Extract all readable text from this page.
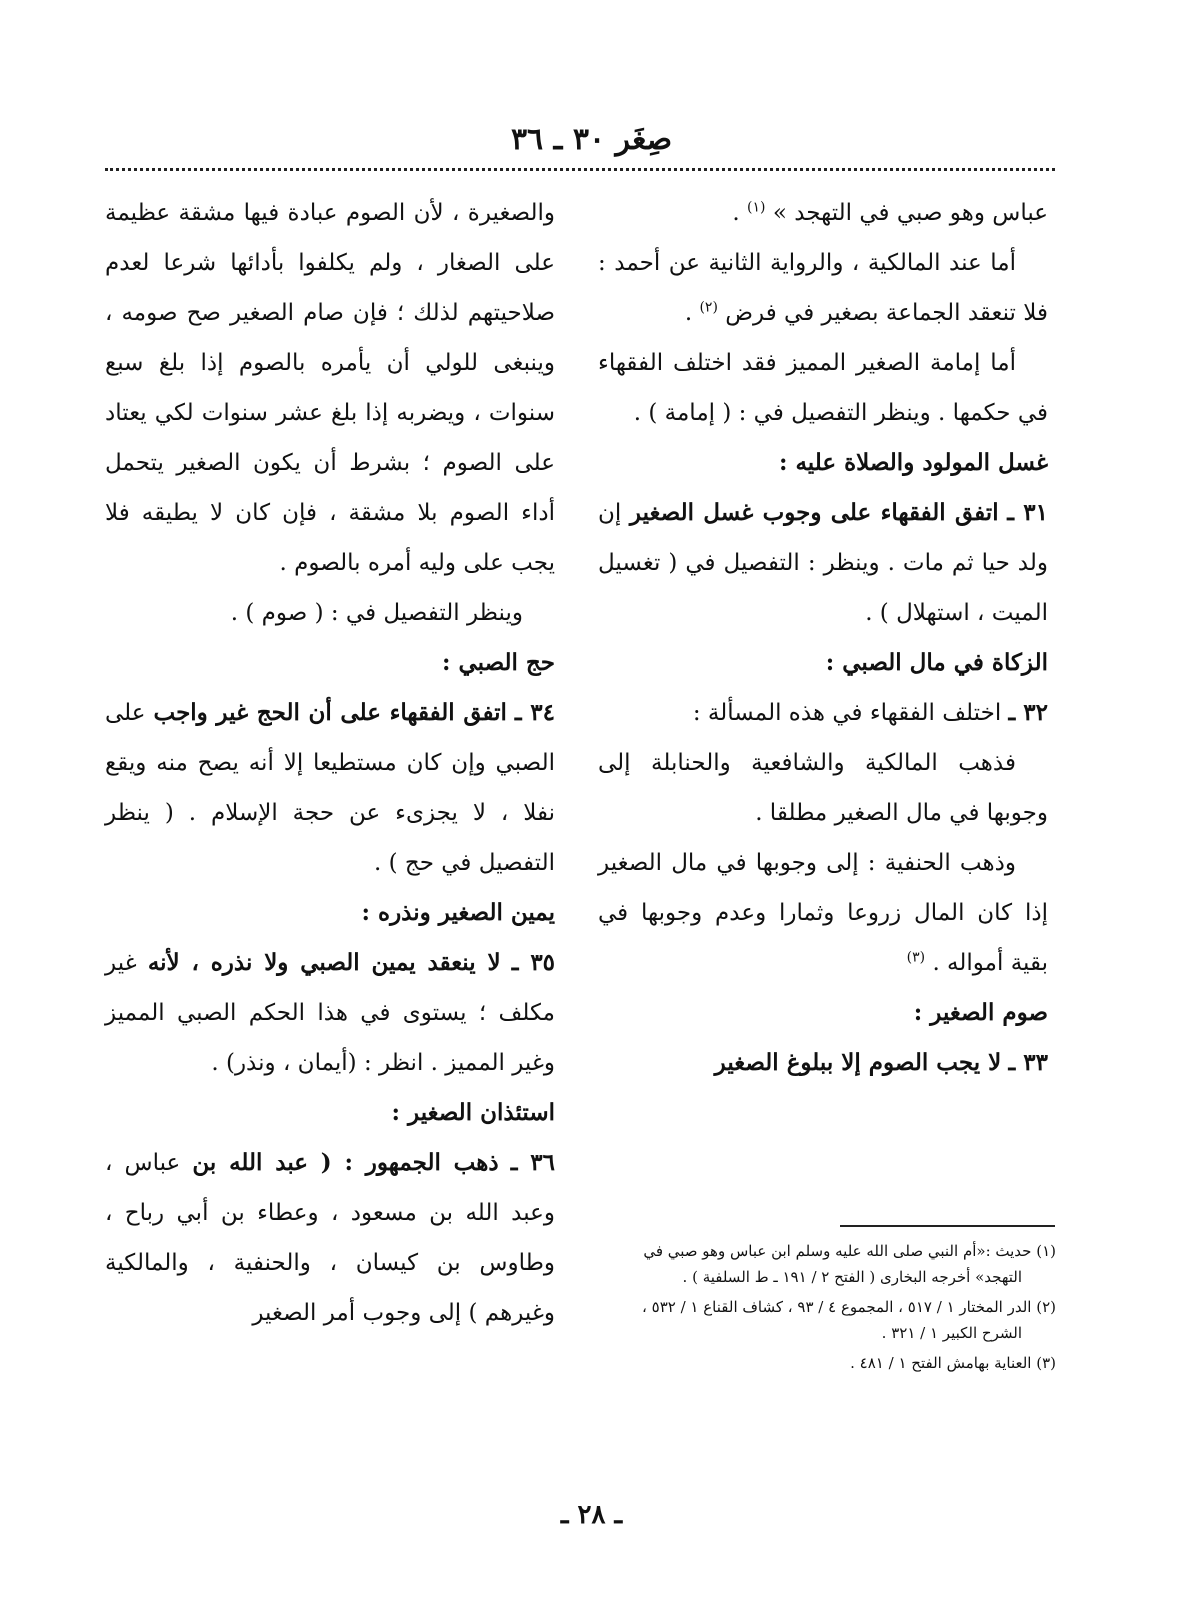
صِغَر ٣٠ ـ ٣٦

عباس وهو صبي في التهجد » $^{(١)}$ .

أما عند المالكية ، والرواية الثانية عن أحمد : فلا تنعقد الجماعة بصغير في فرض $^{(٢)}$ .

أما إمامة الصغير المميز فقد اختلف الفقهاء في حكمها . وينظر التفصيل في : ( إمامة ) .

غسل المولود والصلاة عليه :

٣١ ـ اتفق الفقهاء على وجوب غسل الصغير إن ولد حيا ثم مات . وينظر : التفصيل في ( تغسيل الميت ، استهلال ) .

الزكاة في مال الصبي :

٣٢ ـ اختلف الفقهاء في هذه المسألة :

فذهب المالكية والشافعية والحنابلة إلى وجوبها في مال الصغير مطلقا .

وذهب الحنفية : إلى وجوبها في مال الصغير إذا كان المال زروعا وثمارا وعدم وجوبها في بقية أمواله . $^{(٣)}$

صوم الصغير :

٣٣ ـ لا يجب الصوم إلا ببلوغ الصغير

والصغيرة ، لأن الصوم عبادة فيها مشقة عظيمة على الصغار ، ولم يكلفوا بأدائها شرعا لعدم صلاحيتهم لذلك ؛ فإن صام الصغير صح صومه ، وينبغى للولي أن يأمره بالصوم إذا بلغ سبع سنوات ، ويضربه إذا بلغ عشر سنوات لكي يعتاد على الصوم ؛ بشرط أن يكون الصغير يتحمل أداء الصوم بلا مشقة ، فإن كان لا يطيقه فلا يجب على وليه أمره بالصوم .

وينظر التفصيل في : ( صوم ) .

حج الصبي :

٣٤ ـ اتفق الفقهاء على أن الحج غير واجب على الصبي وإن كان مستطيعا إلا أنه يصح منه ويقع نفلا ، لا يجزىء عن حجة الإسلام . ( ينظر التفصيل في حج ) .

يمين الصغير ونذره :

٣٥ ـ لا ينعقد يمين الصبي ولا نذره ، لأنه غير مكلف ؛ يستوى في هذا الحكم الصبي المميز وغير المميز . انظر : (أيمان ، ونذر) .

استئذان الصغير :

٣٦ ـ ذهب الجمهور : ( عبد الله بن عباس ، وعبد الله بن مسعود ، وعطاء بن أبي رباح ، وطاوس بن كيسان ، والحنفية ، والمالكية وغيرهم ) إلى وجوب أمر الصغير

(١) حديث :«أم النبي صلى الله عليه وسلم ابن عباس وهو صبي في التهجد» أخرجه البخارى ( الفتح ٢ / ١٩١ ـ ط السلفية ) .

(٢) الدر المختار ١ / ٥١٧ ، المجموع ٤ / ٩٣ ، كشاف القناع ١ / ٥٣٢ ، الشرح الكبير ١ / ٣٢١ .

(٣) العناية بهامش الفتح ١ / ٤٨١ .

ـ ٢٨ ـ
